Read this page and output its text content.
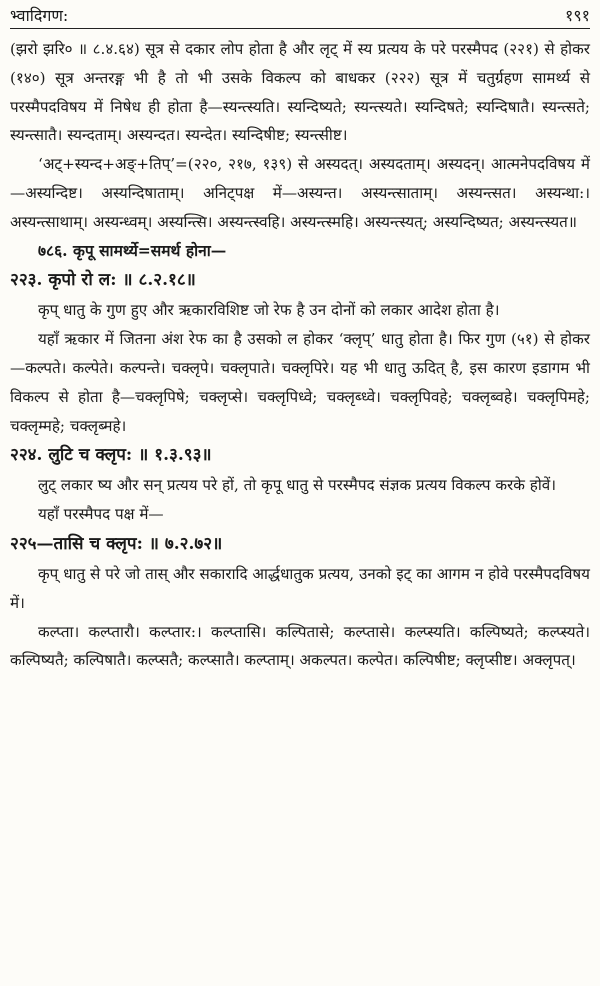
भ्वादिगण:	१९१

(झरो झरि० ॥ ८.४.६४) सूत्र से दकार लोप होता है और लृट् में स्य प्रत्यय के परे परस्मैपद (२२१) से होकर (१४०) सूत्र अन्तरङ्ग भी है तो भी उसके विकल्प को बाधकर (२२२) सूत्र में चतुर्ग्रहण सामर्थ्य से परस्मैपदविषय में निषेध ही होता है—स्यन्त्स्यति। स्यन्दिष्यते; स्यन्त्स्यते। स्यन्दिषते; स्यन्दिषातै। स्यन्त्सते; स्यन्त्सातै। स्यन्दताम्। अस्यन्दत। स्यन्देत। स्यन्दिषीष्ट; स्यन्त्सीष्ट।

‘अट्+स्यन्द+अङ्+तिप्’=(२२०, २१७, १३९) से अस्यदत्। अस्यदताम्। अस्यदन्। आत्मनेपदविषय में—अस्यन्दिष्ट। अस्यन्दिषाताम्। अनिट्पक्ष में—अस्यन्त। अस्यन्त्साताम्। अस्यन्त्सत। अस्यन्था:। अस्यन्त्साथाम्। अस्यन्ध्वम्। अस्यन्त्सि। अस्यन्त्स्वहि। अस्यन्त्स्महि। अस्यन्त्स्यत्; अस्यन्दिष्यत; अस्यन्त्स्यत॥

७८६. कृपू सामर्थ्ये=समर्थ होना—

२२३. कृपो रो ल: ॥ ८.२.१८॥

कृप् धातु के गुण हुए और ऋकारविशिष्ट जो रेफ है उन दोनों को लकार आदेश होता है।

यहाँ ऋकार में जितना अंश रेफ का है उसको ल होकर ‘क्लृप्’ धातु होता है। फिर गुण (५१) से होकर—कल्पते। कल्पेते। कल्पन्ते। चक्लृपे। चक्लृपाते। चक्लृपिरे। यह भी धातु ऊदित् है, इस कारण इडागम भी विकल्प से होता है—चक्लृपिषे; चक्लृप्से। चक्लृपिध्वे; चक्लृब्ध्वे। चक्लृपिवहे; चक्लृब्वहे। चक्लृपिमहे; चक्लृम्महे; चक्लृब्महे।

२२४. लुटि च क्लृप: ॥ १.३.९३॥

लुट् लकार ष्य और सन् प्रत्यय परे हों, तो कृपू धातु से परस्मैपद संज्ञक प्रत्यय विकल्प करके होवें।

यहाँ परस्मैपद पक्ष में—

२२५—तासि च क्लृप: ॥ ७.२.७२॥

कृप् धातु से परे जो तास् और सकारादि आर्द्धधातुक प्रत्यय, उनको इट् का आगम न होवे परस्मैपदविषय में।

कल्प्ता। कल्प्तारौ। कल्प्तार:। कल्प्तासि। कल्पितासे; कल्प्तासे। कल्प्स्यति। कल्पिष्यते; कल्प्स्यते। कल्पिष्यतै; कल्पिषातै। कल्प्सतै; कल्प्सातै। कल्प्ताम्। अकल्पत। कल्पेत। कल्पिषीष्ट; क्लृप्सीष्ट। अक्लृपत्।
